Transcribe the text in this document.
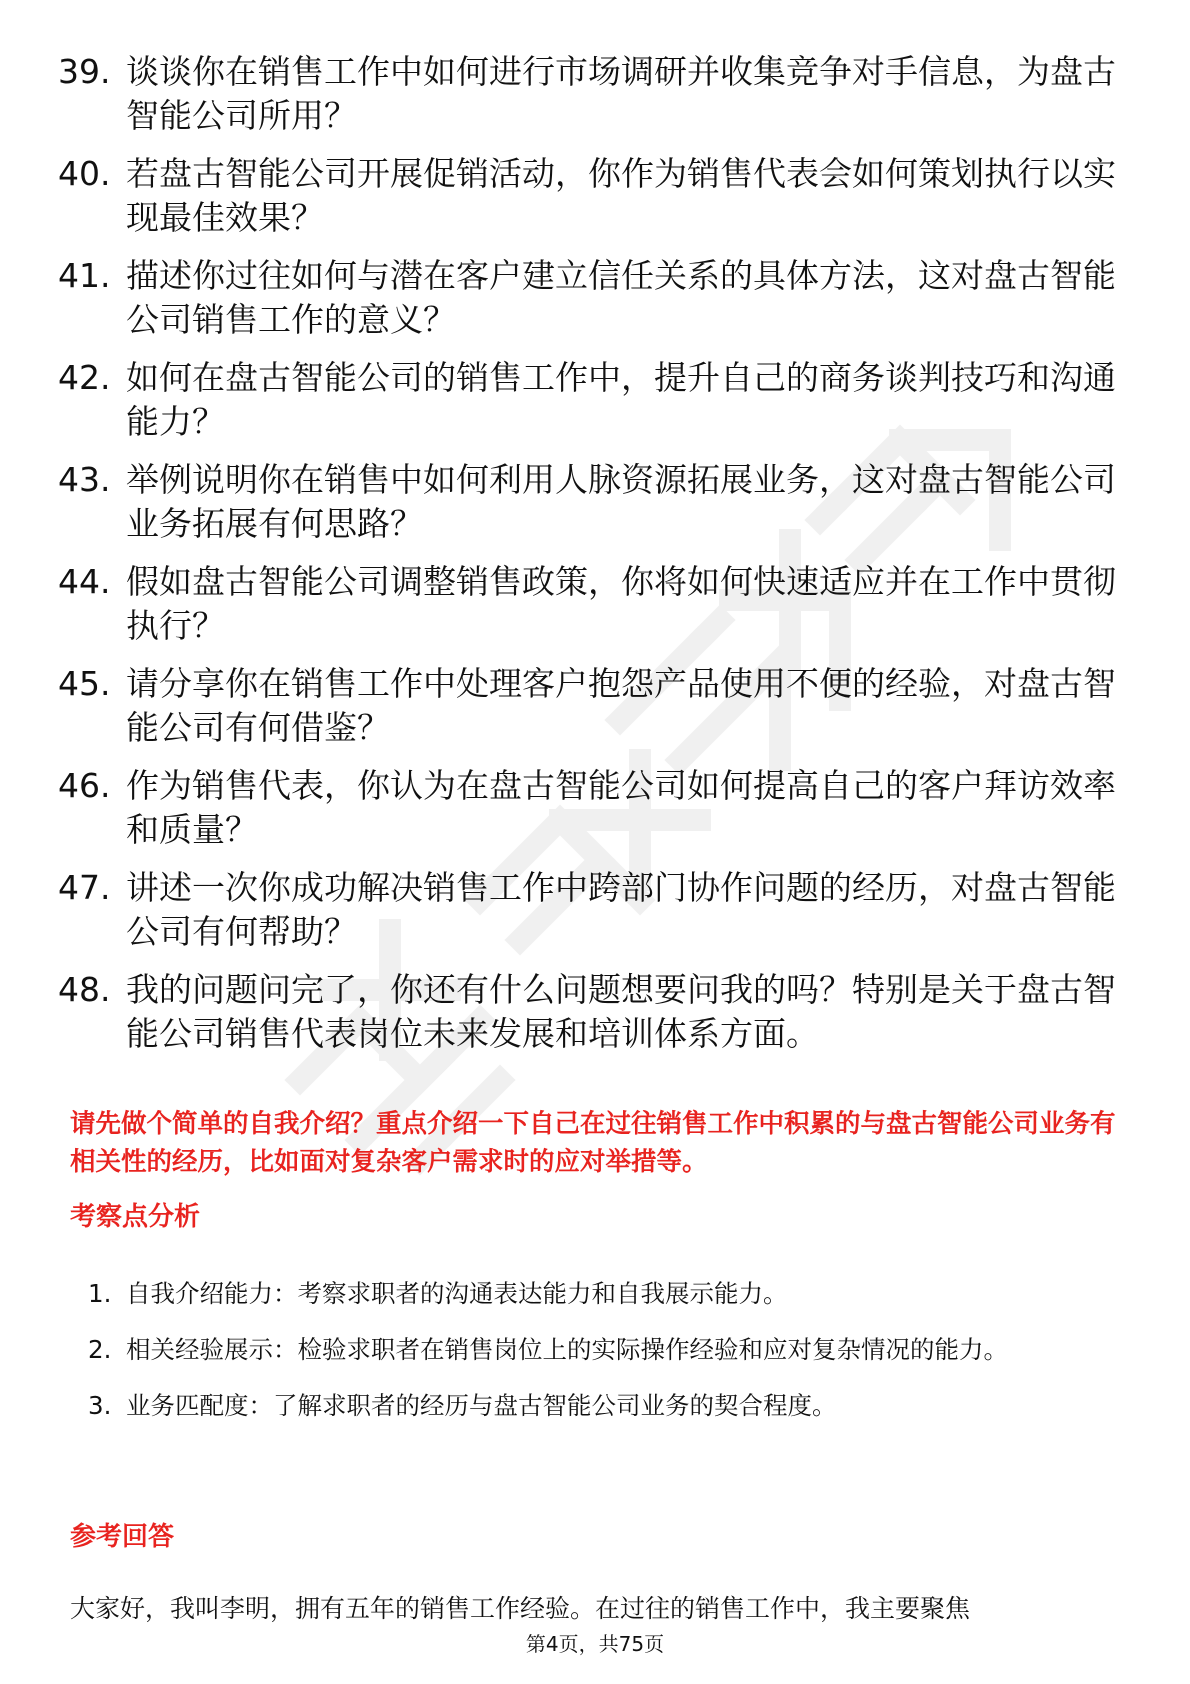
39. 谈谈你在销售工作中如何进行市场调研并收集竞争对手信息，为盘古智能公司所用？
40. 若盘古智能公司开展促销活动，你作为销售代表会如何策划执行以实现最佳效果？
41. 描述你过往如何与潜在客户建立信任关系的具体方法，这对盘古智能公司销售工作的意义？
42. 如何在盘古智能公司的销售工作中，提升自己的商务谈判技巧和沟通能力？
43. 举例说明你在销售中如何利用人脉资源拓展业务，这对盘古智能公司业务拓展有何思路？
44. 假如盘古智能公司调整销售政策，你将如何快速适应并在工作中贯彻执行？
45. 请分享你在销售工作中处理客户抱怨产品使用不便的经验，对盘古智能公司有何借鉴？
46. 作为销售代表，你认为在盘古智能公司如何提高自己的客户拜访效率和质量？
47. 讲述一次你成功解决销售工作中跨部门协作问题的经历，对盘古智能公司有何帮助？
48. 我的问题问完了，你还有什么问题想要问我的吗？特别是关于盘古智能公司销售代表岗位未来发展和培训体系方面。
请先做个简单的自我介绍？重点介绍一下自己在过往销售工作中积累的与盘古智能公司业务有相关性的经历，比如面对复杂客户需求时的应对举措等。
考察点分析
1. 自我介绍能力：考察求职者的沟通表达能力和自我展示能力。
2. 相关经验展示：检验求职者在销售岗位上的实际操作经验和应对复杂情况的能力。
3. 业务匹配度：了解求职者的经历与盘古智能公司业务的契合程度。
参考回答
大家好，我叫李明，拥有五年的销售工作经验。在过往的销售工作中，我主要聚焦
第4页，共75页
